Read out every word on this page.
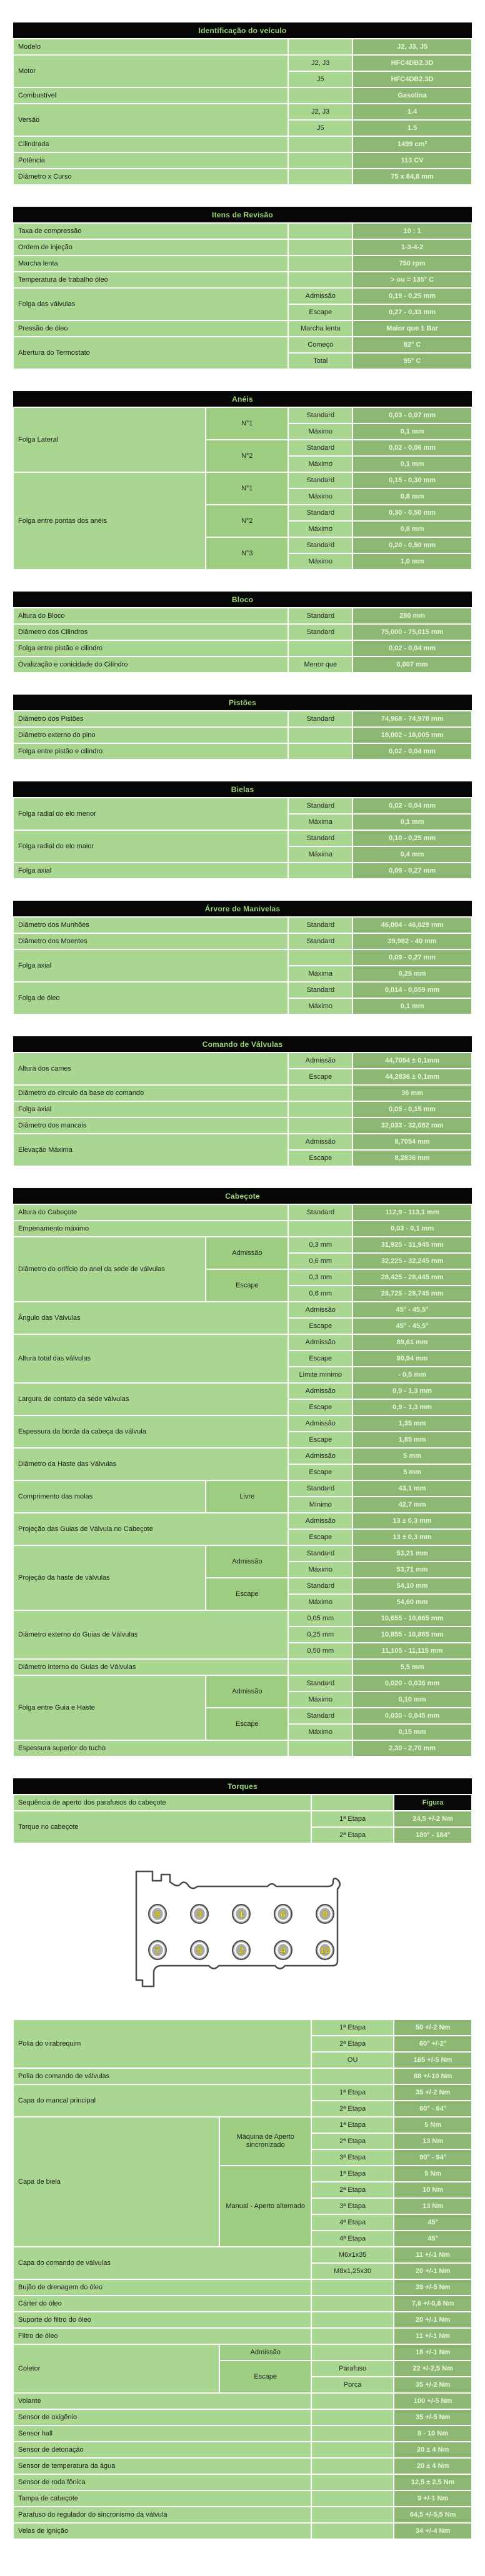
Identificação do veículo		
Modelo		J2, J3, J5
Motor	J2, J3	HFC4DB2.3D
	J5	HFC4DB2.3D
Combustível		Gasolina
Versão	J2, J3	1.4
	J5	1.5
Cilindrada		1499 cm³
Potência		113 CV
Diâmetro x Curso		75 x 84,8 mm
Itens de Revisão		
Taxa de compressão		10 : 1
Ordem de injeção		1-3-4-2
Marcha lenta		750 rpm
Temperatura de trabalho óleo		> ou = 135° C
Folga das válvulas	Admissão	0,19 - 0,25 mm
	Escape	0,27 - 0,33 mm
Pressão de óleo	Marcha lenta	Maior que 1 Bar
Abertura do Termostato	Começo	82° C
	Total	95° C
Anéis			
Folga Lateral	N°1	Standard	0,03 - 0,07 mm
		Máximo	0,1 mm
	N°2	Standard	0,02 - 0,06 mm
		Máximo	0,1 mm
Folga entre pontas dos anéis	N°1	Standard	0,15 - 0,30 mm
		Máximo	0,8 mm
	N°2	Standard	0,30 - 0,50 mm
		Máximo	0,8 mm
	N°3	Standard	0,20 - 0,50 mm
		Máximo	1,0 mm
Bloco		
Altura do Bloco	Standard	280 mm
Diâmetro dos Cilindros	Standard	75,000 - 75,015 mm
Folga entre pistão e cilindro		0,02 - 0,04 mm
Ovalização e conicidade do Cilíndro	Menor que	0,007 mm
Pistões		
Diâmetro dos Pistões	Standard	74,968 - 74,978 mm
Diâmetro externo do pino		18,002 - 18,005 mm
Folga entre pistão e cilindro		0,02 - 0,04 mm
Bielas		
Folga radial do elo menor	Standard	0,02 - 0,04 mm
	Máxima	0,1 mm
Folga radial do elo maior	Standard	0,10 - 0,25 mm
	Máxima	0,4 mm
Folga axial		0,09 - 0,27 mm
Árvore de Manivelas		
Diâmetro dos Munhões	Standard	46,004 - 46,029 mm
Diâmetro dos Moentes	Standard	39,982 - 40 mm
Folga axial		0,09 - 0,27 mm
	Máxima	0,25 mm
Folga de óleo	Standard	0,014 - 0,059 mm
	Máximo	0,1 mm
Comando de Válvulas		
Altura dos cames	Admissão	44,7054 ± 0,1mm
	Escape	44,2836 ± 0,1mm
Diâmetro do círculo da base do comando		36 mm
Folga axial		0,05 - 0,15 mm
Diâmetro dos mancais		32,033 - 32,082 mm
Elevação Máxima	Admissão	8,7054 mm
	Escape	8,2836 mm
Cabeçote			
Altura do Cabeçote		Standard	112,9 - 113,1 mm
Empenamento máximo			0,03 - 0,1 mm
Diâmetro do orifício do anel da sede de válvulas	Admissão	0,3 mm	31,925 - 31,945 mm
		0,6 mm	32,225 - 32,245 mm
	Escape	0,3 mm	28,425 - 28,445 mm
		0,6 mm	28,725 - 28,745 mm
Ângulo das Válvulas		Admissão	45° - 45,5°
		Escape	45° - 45,5°
Altura total das válvulas		Admissão	89,61 mm
		Escape	90,94 mm
		Limite mínimo	- 0,5 mm
Largura de contato da sede válvulas		Admissão	0,9 - 1,3 mm
		Escape	0,9 - 1,3 mm
Espessura da borda da cabeça da válvula		Admissão	1,35 mm
		Escape	1,85 mm
Diâmetro da Haste das Válvulas		Admissão	5 mm
		Escape	5 mm
Comprimento das molas	Livre	Standard	43,1 mm
		Mínimo	42,7 mm
Projeção das Guias de Válvula no Cabeçote		Admissão	13 ± 0,3 mm
		Escape	13 ± 0,3 mm
Projeção da haste de válvulas	Admissão	Standard	53,21 mm
		Máximo	53,71 mm
	Escape	Standard	54,10 mm
		Máximo	54,60 mm
Diâmetro externo do Guias de Válvulas		0,05 mm	10,655 - 10,665 mm
		0,25 mm	10,855 - 10,865 mm
		0,50 mm	11,105 - 11,115 mm
Diâmetro interno do Guias de Válvulas			5,5 mm
Folga entre Guia e Haste	Admissão	Standard	0,020 - 0,036 mm
		Máximo	0,10 mm
	Escape	Standard	0,030 - 0,045 mm
		Máximo	0,15 mm
Espessura superior do tucho			2,30 - 2,70 mm
Torques		
Sequência de aperto dos parafusos do cabeçote		Figura
Torque no cabeçote	1ª Etapa	24,5 +/-2 Nm
	2ª Etapa	180° - 184°
9	3	1	6	8
7	5	2	4	10
Polia do virabrequim		1ª Etapa	50 +/-2 Nm
		2ª Etapa	60° +/-2°
		OU	165 +/-5 Nm
Polia do comando de válvulas			88 +/-10 Nm
Capa do mancal principal		1ª Etapa	35 +/-2 Nm
		2ª Etapa	60° - 64°
Capa de biela	Máquina de Aperto sincronizado	1ª Etapa	5 Nm
		2ª Etapa	13 Nm
		3ª Etapa	90° - 94°
	Manual - Aperto alternado	1ª Etapa	5 Nm
		2ª Etapa	10 Nm
		3ª Etapa	13 Nm
		4ª Etapa	45°
		4ª Etapa	45°
Capa do comando de válvulas		M6x1x35	11 +/-1 Nm
		M8x1,25x30	20 +/-1 Nm
Bujão de drenagem do óleo			39 +/-5 Nm
Cárter do óleo			7,6 +/-0,6 Nm
Suporte do filtro do óleo			20 +/-1 Nm
Filtro de óleo			11 +/-1 Nm
Coletor	Admissão		18 +/-1 Nm
	Escape	Parafuso	22 +/-2,5 Nm
		Porca	35 +/-2 Nm
Volante			100 +/-5 Nm
Sensor de oxigênio			35 +/-5 Nm
Sensor hall			8 - 10 Nm
Sensor de detonação			20 ± 4 Nm
Sensor de temperatura da água			20 ± 4 Nm
Sensor de roda fônica			12,5 ± 2,5 Nm
Tampa de cabeçote			9 +/-1 Nm
Parafuso do regulador do sincronismo da válvula			64,5 +/-5,5 Nm
Velas de ignição			34 +/-4 Nm
